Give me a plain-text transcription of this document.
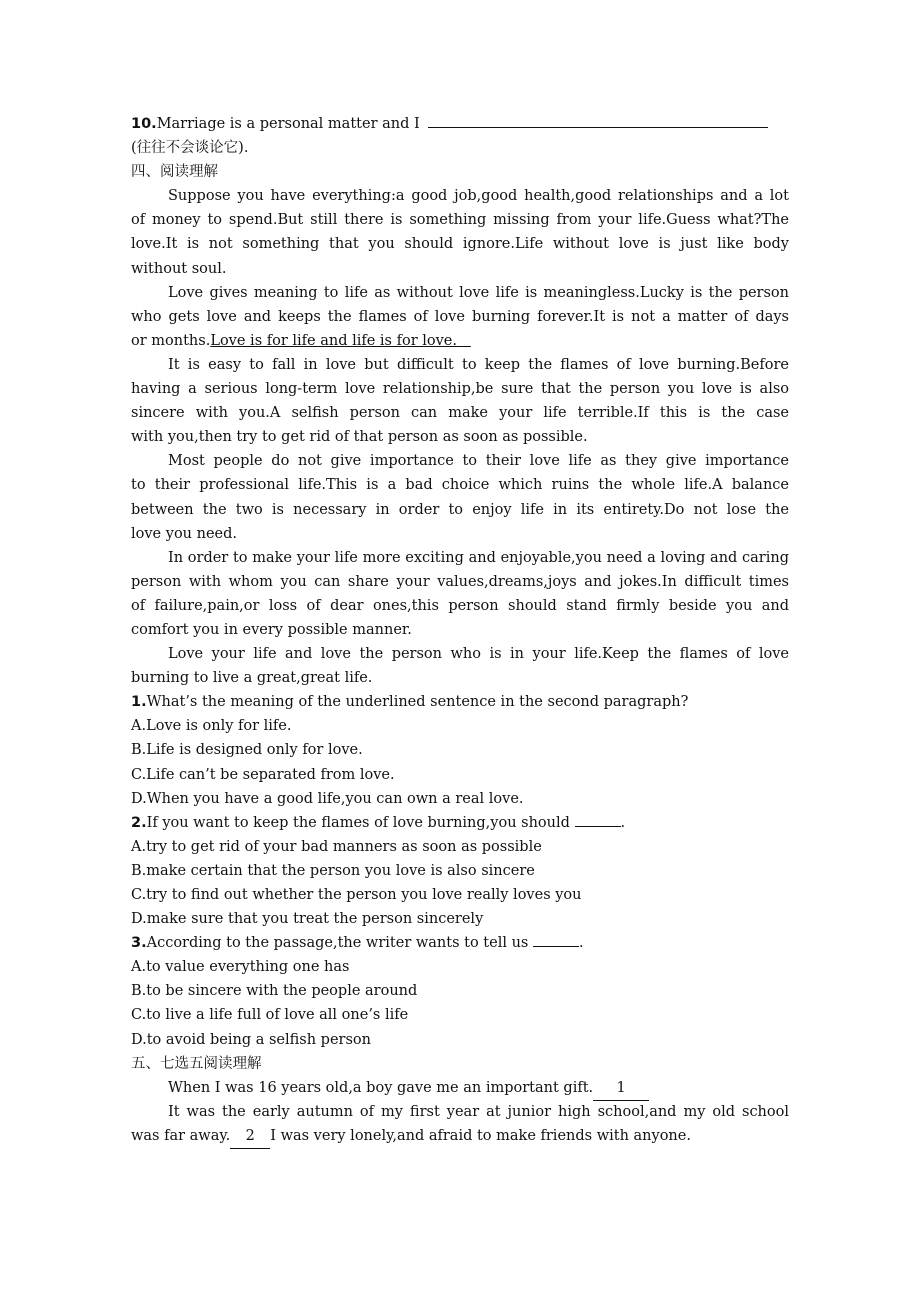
10.Marriage is a personal matter and I
(往往不会谈论它).
四、阅读理解
Suppose you have everything:a good job,good health,good relationships and a lot
of money to spend.But still there is something missing from your life.Guess what?The
love.It is not something that you should ignore.Life without love is just like body
without soul.
Love gives meaning to life as without love life is meaningless.Lucky is the person
who gets love and keeps the flames of love burning forever.It is not a matter of days
or months.Love is for life and life is for love.
It is easy to fall in love but difficult to keep the flames of love burning.Before
having a serious long-term love relationship,be sure that the person you love is also
sincere with you.A selfish person can make your life terrible.If this is the case
with you,then try to get rid of that person as soon as possible.
Most people do not give importance to their love life as they give importance
to their professional life.This is a bad choice which ruins the whole life.A balance
between the two is necessary in order to enjoy life in its entirety.Do not lose the
love you need.
In order to make your life more exciting and enjoyable,you need a loving and caring
person with whom you can share your values,dreams,joys and jokes.In difficult times
of failure,pain,or loss of dear ones,this person should stand firmly beside you and
comfort you in every possible manner.
Love your life and love the person who is in your life.Keep the flames of love
burning to live a great,great life.
1.What’s the meaning of the underlined sentence in the second paragraph?
A.Love is only for life.
B.Life is designed only for love.
C.Life can’t be separated from love.
D.When you have a good life,you can own a real love.
2.If you want to keep the flames of love burning,you should	.
A.try to get rid of your bad manners as soon as possible
B.make certain that the person you love is also sincere
C.try to find out whether the person you love really loves you
D.make sure that you treat the person sincerely
3.According to the passage,the writer wants to tell us	.
A.to value everything one has
B.to be sincere with the people around
C.to live a life full of love all one’s life
D.to avoid being a selfish person
五、七选五阅读理解
When I was 16 years old,a boy gave me an important gift. 1
It was the early autumn of my first year at junior high school,and my old school
was far away. 2 I was very lonely,and afraid to make friends with anyone.
